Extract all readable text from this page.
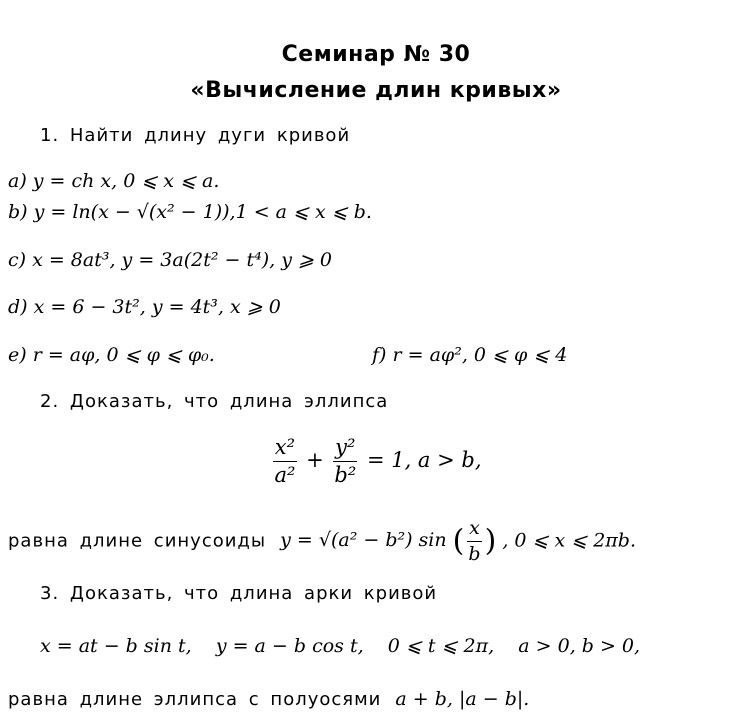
Семинар № 30
«Вычисление длин кривых»
1. Найти длину дуги кривой
a) y = ch x, 0 ⩽ x ⩽ a.
b) y = ln(x − √(x² − 1)),1 < a ⩽ x ⩽ b.
c) x = 8at³, y = 3a(2t² − t⁴), y ⩾ 0
d) x = 6 − 3t², y = 4t³, x ⩾ 0
e) r = aφ, 0 ⩽ φ ⩽ φ₀.	f) r = aφ², 0 ⩽ φ ⩽ 4
2. Доказать, что длина эллипса
$\frac{\text{x²}}{\text{a²}} + \frac{\text{y²}}{\text{b²}} = 1$, a > b,
равна длине синусоиды y = √(a² − b²) sin ( $\frac{x}{b}$ ) , 0 ⩽ x ⩽ 2πb.
3. Доказать, что длина арки кривой
x = at − b sin t,    y = a − b cos t,    0 ⩽ t ⩽ 2π,    a > 0, b > 0,
равна длине эллипса с полуосями a + b, |a − b|.
